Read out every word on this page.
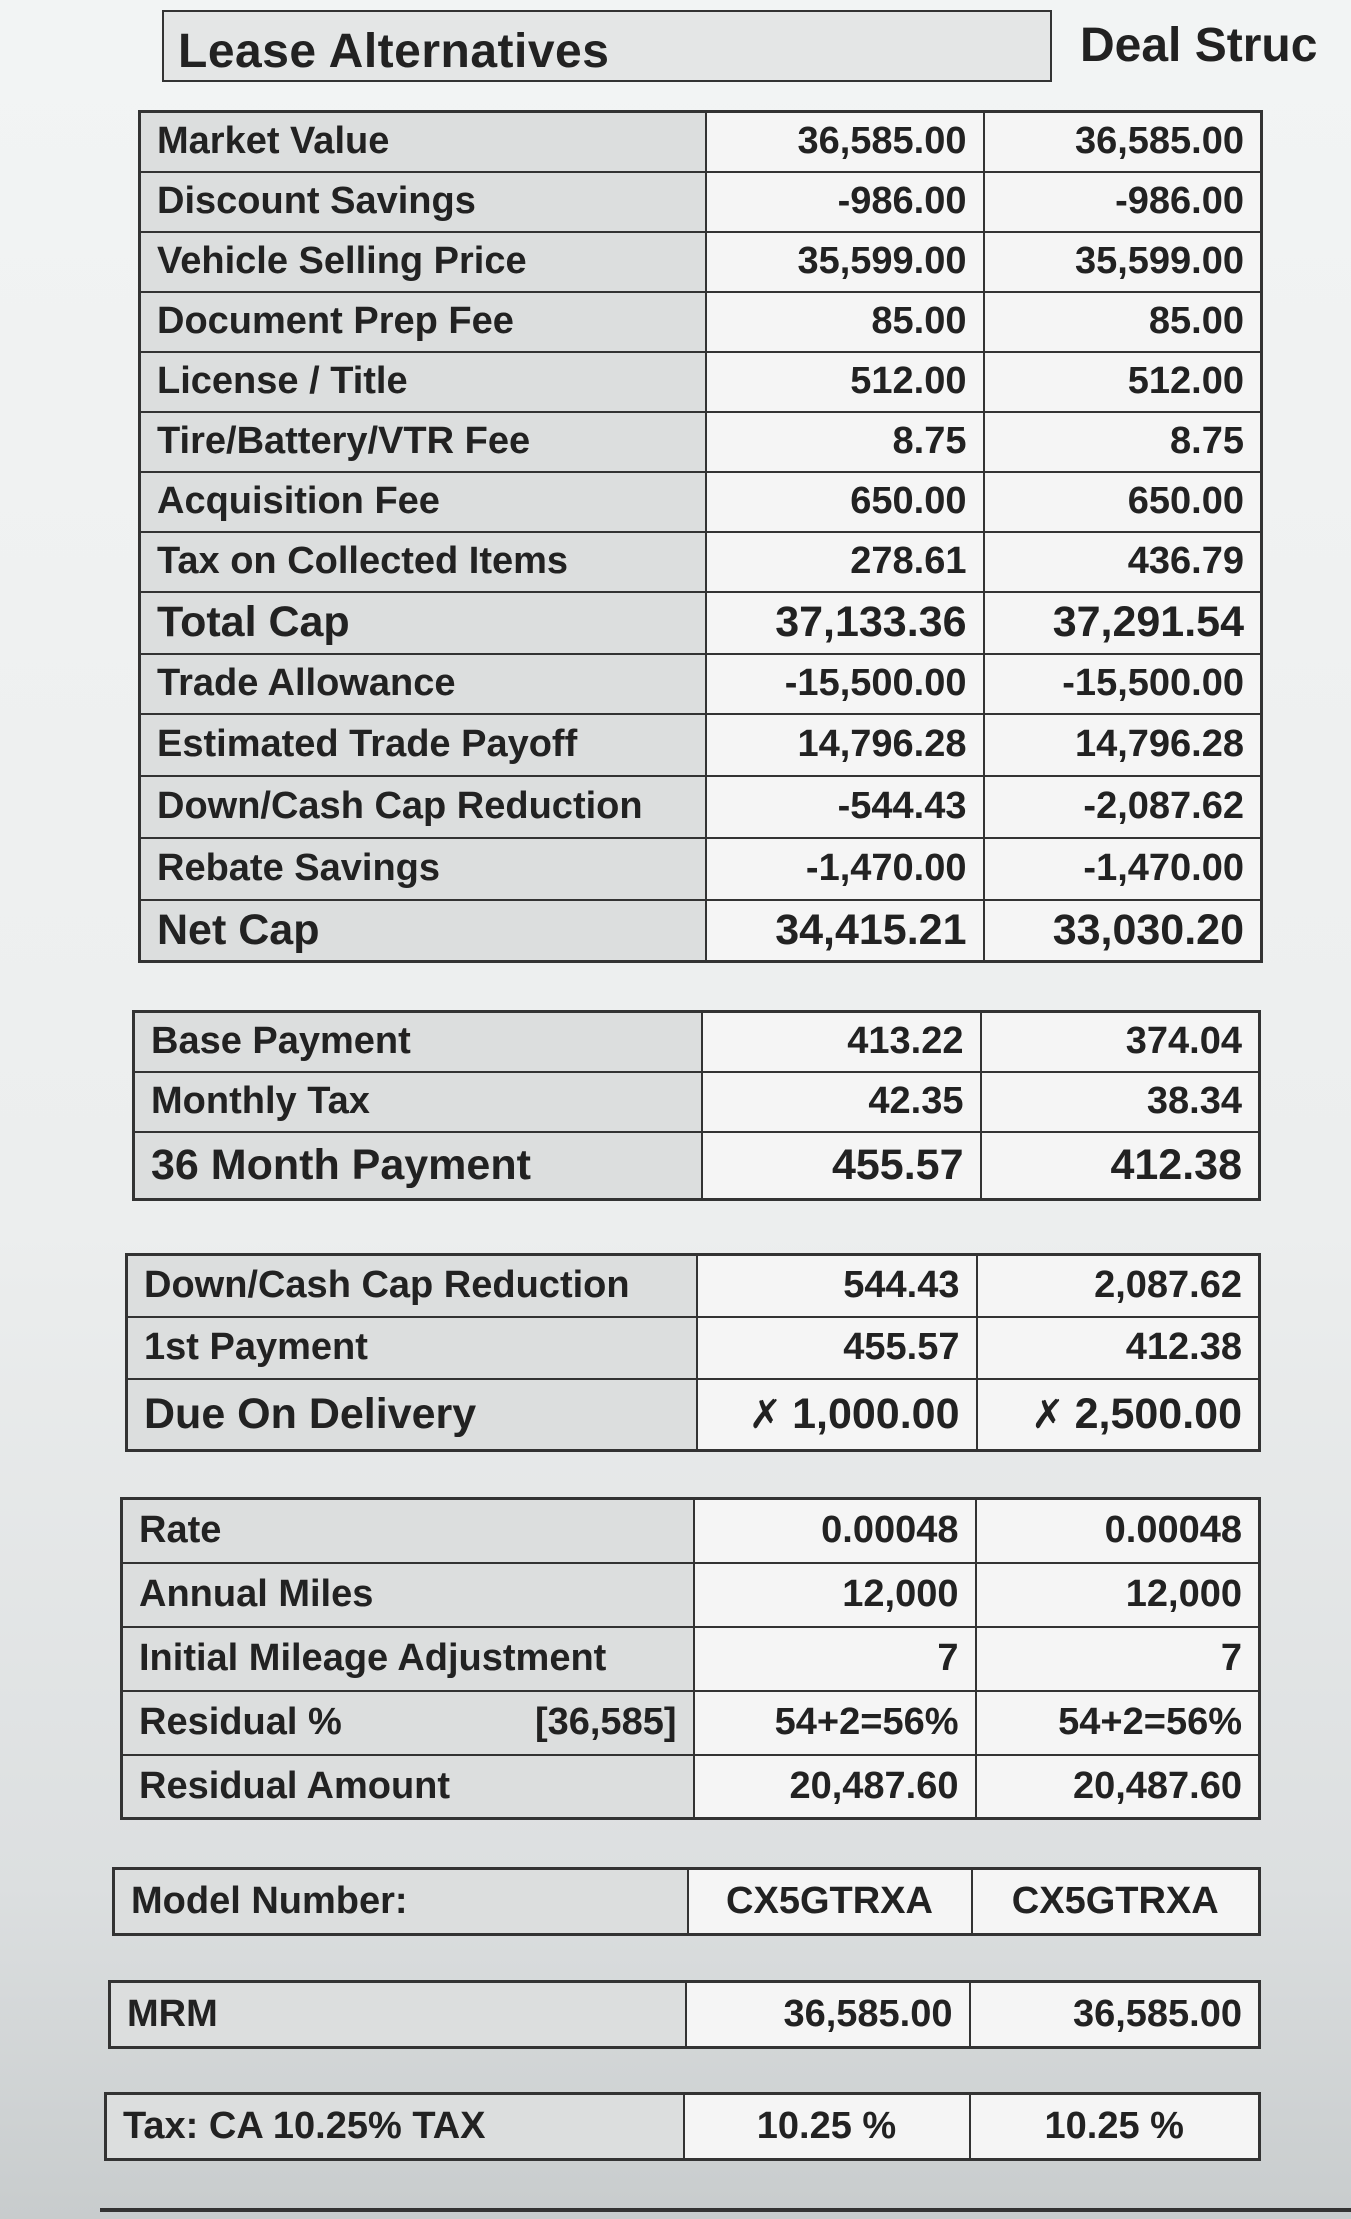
Lease Alternatives	Deal Struc
Market Value	36,585.00	36,585.00
Discount Savings	-986.00	-986.00
Vehicle Selling Price	35,599.00	35,599.00
Document Prep Fee	85.00	85.00
License / Title	512.00	512.00
Tire/Battery/VTR Fee	8.75	8.75
Acquisition Fee	650.00	650.00
Tax on Collected Items	278.61	436.79
Total Cap	37,133.36	37,291.54
Trade Allowance	-15,500.00	-15,500.00
Estimated Trade Payoff	14,796.28	14,796.28
Down/Cash Cap Reduction	-544.43	-2,087.62
Rebate Savings	-1,470.00	-1,470.00
Net Cap	34,415.21	33,030.20
Base Payment	413.22	374.04
Monthly Tax	42.35	38.34
36 Month Payment	455.57	412.38
Down/Cash Cap Reduction	544.43	2,087.62
1st Payment	455.57	412.38
Due On Delivery	✗ 1,000.00	✗ 2,500.00
Rate	0.00048	0.00048
Annual Miles	12,000	12,000
Initial Mileage Adjustment	7	7

Residual % [36,585]	54+2=56%	54+2=56%
Residual Amount	20,487.60	20,487.60
Model Number:	CX5GTRXA	CX5GTRXA
MRM	36,585.00	36,585.00
Tax: CA 10.25% TAX	10.25 %	10.25 %
